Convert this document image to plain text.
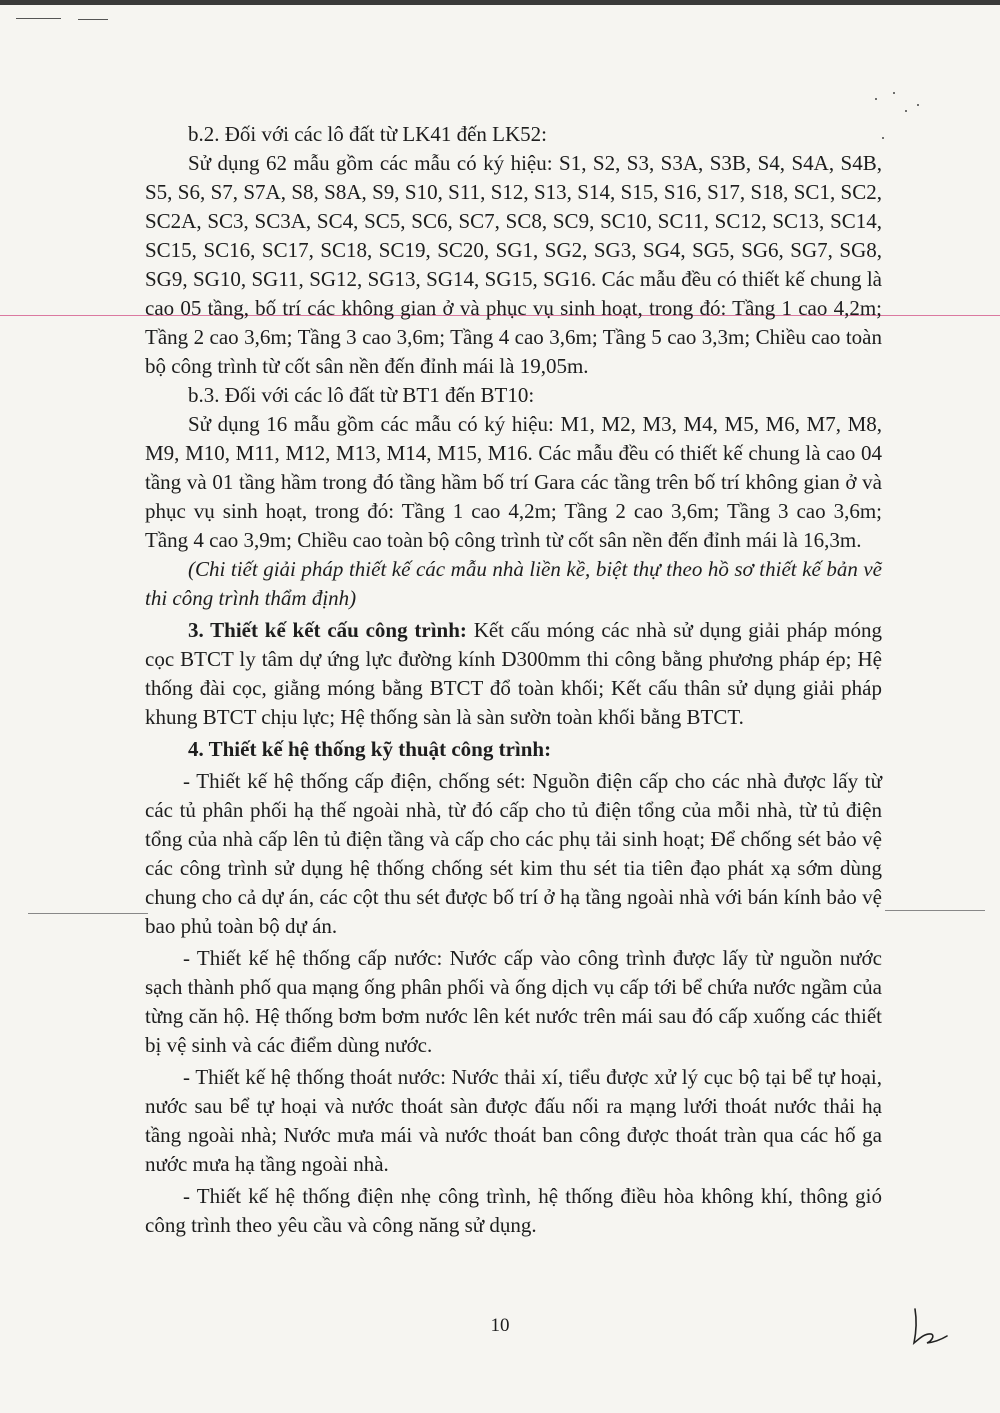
b.2. Đối với các lô đất từ LK41 đến LK52:

Sử dụng 62 mẫu gồm các mẫu có ký hiệu: S1, S2, S3, S3A, S3B, S4, S4A, S4B, S5, S6, S7, S7A, S8, S8A, S9, S10, S11, S12, S13, S14, S15, S16, S17, S18, SC1, SC2, SC2A, SC3, SC3A, SC4, SC5, SC6, SC7, SC8, SC9, SC10, SC11, SC12, SC13, SC14, SC15, SC16, SC17, SC18, SC19, SC20, SG1, SG2, SG3, SG4, SG5, SG6, SG7, SG8, SG9, SG10, SG11, SG12, SG13, SG14, SG15, SG16. Các mẫu đều có thiết kế chung là cao 05 tầng, bố trí các không gian ở và phục vụ sinh hoạt, trong đó: Tầng 1 cao 4,2m; Tầng 2 cao 3,6m; Tầng 3 cao 3,6m; Tầng 4 cao 3,6m; Tầng 5 cao 3,3m; Chiều cao toàn bộ công trình từ cốt sân nền đến đỉnh mái là 19,05m.

b.3. Đối với các lô đất từ BT1 đến BT10:

Sử dụng 16 mẫu gồm các mẫu có ký hiệu: M1, M2, M3, M4, M5, M6, M7, M8, M9, M10, M11, M12, M13, M14, M15, M16. Các mẫu đều có thiết kế chung là cao 04 tầng và 01 tầng hầm trong đó tầng hầm bố trí Gara các tầng trên bố trí không gian ở và phục vụ sinh hoạt, trong đó: Tầng 1 cao 4,2m; Tầng 2 cao 3,6m; Tầng 3 cao 3,6m; Tầng 4 cao 3,9m; Chiều cao toàn bộ công trình từ cốt sân nền đến đỉnh mái là 16,3m.

(Chi tiết giải pháp thiết kế các mẫu nhà liền kề, biệt thự theo hồ sơ thiết kế bản vẽ thi công trình thẩm định)

3. Thiết kế kết cấu công trình: Kết cấu móng các nhà sử dụng giải pháp móng cọc BTCT ly tâm dự ứng lực đường kính D300mm thi công bằng phương pháp ép; Hệ thống đài cọc, giằng móng bằng BTCT đổ toàn khối; Kết cấu thân sử dụng giải pháp khung BTCT chịu lực; Hệ thống sàn là sàn sườn toàn khối bằng BTCT.

4. Thiết kế hệ thống kỹ thuật công trình:

- Thiết kế hệ thống cấp điện, chống sét: Nguồn điện cấp cho các nhà được lấy từ các tủ phân phối hạ thế ngoài nhà, từ đó cấp cho tủ điện tổng của mỗi nhà, từ tủ điện tổng của nhà cấp lên tủ điện tầng và cấp cho các phụ tải sinh hoạt; Để chống sét bảo vệ các công trình sử dụng hệ thống chống sét kim thu sét tia tiên đạo phát xạ sớm dùng chung cho cả dự án, các cột thu sét được bố trí ở hạ tầng ngoài nhà với bán kính bảo vệ bao phủ toàn bộ dự án.

- Thiết kế hệ thống cấp nước: Nước cấp vào công trình được lấy từ nguồn nước sạch thành phố qua mạng ống phân phối và ống dịch vụ cấp tới bể chứa nước ngầm của từng căn hộ. Hệ thống bơm bơm nước lên két nước trên mái sau đó cấp xuống các thiết bị vệ sinh và các điểm dùng nước.

- Thiết kế hệ thống thoát nước: Nước thải xí, tiểu được xử lý cục bộ tại bể tự hoại, nước sau bể tự hoại và nước thoát sàn được đấu nối ra mạng lưới thoát nước thải hạ tầng ngoài nhà; Nước mưa mái và nước thoát ban công được thoát tràn qua các hố ga nước mưa hạ tầng ngoài nhà.

- Thiết kế hệ thống điện nhẹ công trình, hệ thống điều hòa không khí, thông gió công trình theo yêu cầu và công năng sử dụng.

10
